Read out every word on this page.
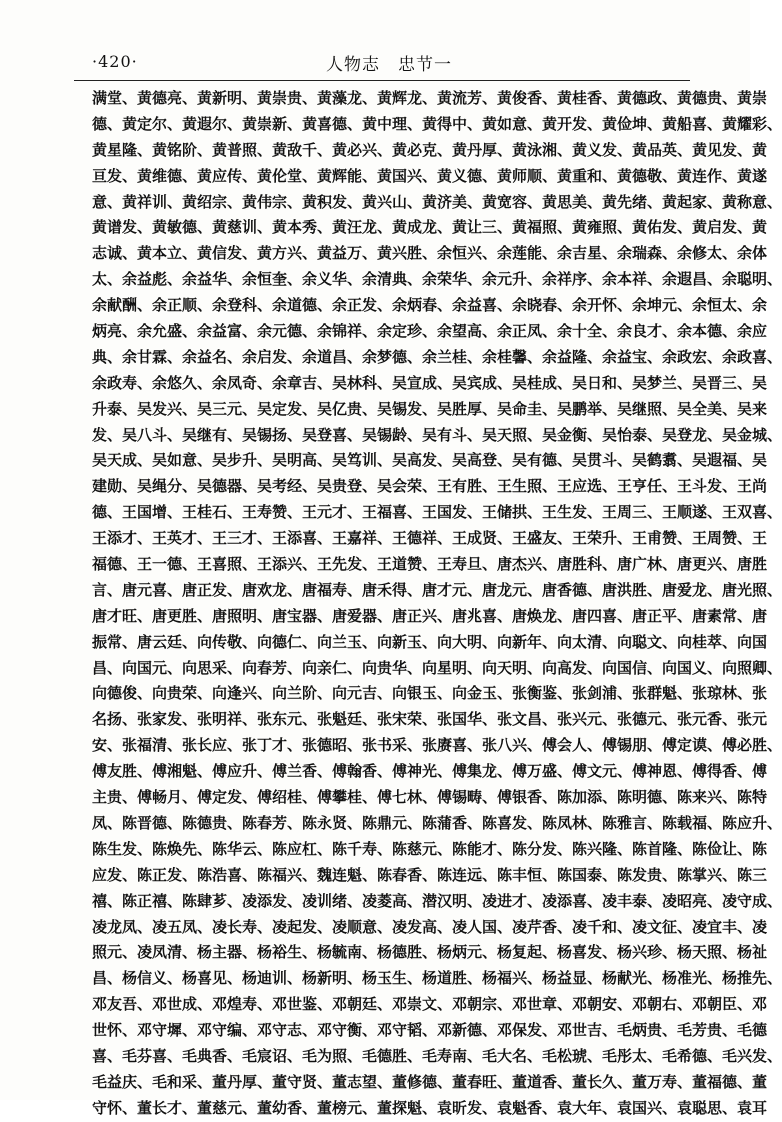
·420·	人物志　忠节一
满堂、黄德亮、黄新明、黄崇贵、黄藻龙、黄辉龙、黄流芳、黄俊香、黄桂香、黄德政、黄德贵、黄崇
德、黄定尔、黄遐尔、黄崇新、黄喜德、黄中理、黄得中、黄如意、黄开发、黄俭坤、黄船喜、黄耀彩、
黄星隆、黄铭阶、黄普照、黄敌千、黄必兴、黄必克、黄丹厚、黄泳湘、黄义发、黄品英、黄见发、黄
亘发、黄维德、黄应传、黄伦堂、黄辉能、黄国兴、黄义德、黄师顺、黄重和、黄德敬、黄连作、黄遂
意、黄祥训、黄绍宗、黄伟宗、黄积发、黄兴山、黄济美、黄宽容、黄思美、黄先绪、黄起家、黄称意、
黄谱发、黄敏德、黄慈训、黄本秀、黄汪龙、黄成龙、黄让三、黄福照、黄雍照、黄佑发、黄启发、黄
志诚、黄本立、黄信发、黄方兴、黄益万、黄兴胜、余恒兴、余莲能、余吉星、余瑞森、余修太、余体
太、余益彪、余益华、余恒奎、余义华、余清典、余荣华、余元升、余祥序、余本祥、余遐昌、余聪明、
余献酬、余正顺、余登科、余道德、余正发、余炳春、余益喜、余晓春、余开怀、余坤元、余恒太、余
炳亮、余允盛、余益富、余元德、余锦祥、余定珍、余望高、余正凤、余十全、余良才、余本德、余应
典、余甘霖、余益名、余启发、余道昌、余梦德、余兰桂、余桂馨、余益隆、余益宝、余政宏、余政喜、
余政寿、余悠久、余凤奇、余章吉、吴林科、吴宣成、吴宾成、吴桂成、吴日和、吴梦兰、吴晋三、吴
升泰、吴发兴、吴三元、吴定发、吴亿贵、吴锡发、吴胜厚、吴命圭、吴鹏举、吴继照、吴全美、吴来
发、吴八斗、吴继有、吴锡扬、吴登喜、吴锡龄、吴有斗、吴天照、吴金衡、吴怡泰、吴登龙、吴金城、
吴天成、吴如意、吴步升、吴明高、吴笃训、吴高发、吴高登、吴有德、吴贯斗、吴鹤翥、吴遐福、吴
建勋、吴绳分、吴德器、吴考经、吴贵登、吴会荣、王有胜、王生照、王应选、王亨任、王斗发、王尚
德、王国增、王桂石、王寿赞、王元才、王福喜、王国发、王储拱、王生发、王周三、王顺遂、王双喜、
王添才、王英才、王三才、王添喜、王嘉祥、王德祥、王成贤、王盛友、王荣升、王甫赞、王周赞、王
福德、王一德、王喜照、王添兴、王先发、王道赞、王寿旦、唐杰兴、唐胜科、唐广林、唐更兴、唐胜
言、唐元喜、唐正发、唐欢龙、唐福寿、唐禾得、唐才元、唐龙元、唐香德、唐洪胜、唐爱龙、唐光照、
唐才旺、唐更胜、唐照明、唐宝器、唐爱器、唐正兴、唐兆喜、唐焕龙、唐四喜、唐正平、唐素常、唐
振常、唐云廷、向传敬、向德仁、向兰玉、向新玉、向大明、向新年、向太清、向聪文、向桂萃、向国
昌、向国元、向思采、向春芳、向亲仁、向贵华、向星明、向天明、向高发、向国信、向国义、向照卿、
向德俊、向贵荣、向逢兴、向兰阶、向元吉、向银玉、向金玉、张衡鉴、张剑浦、张群魁、张琼林、张
名扬、张家发、张明祥、张东元、张魁廷、张宋荣、张国华、张文昌、张兴元、张德元、张元香、张元
安、张福清、张长应、张丁才、张德昭、张书采、张赓喜、张八兴、傅会人、傅锡朋、傅定谟、傅必胜、
傅友胜、傅湘魁、傅应升、傅兰香、傅翰香、傅神光、傅集龙、傅万盛、傅文元、傅神恩、傅得香、傅
主贵、傅畅月、傅定发、傅绍桂、傅攀桂、傅七林、傅锡畴、傅银香、陈加添、陈明德、陈来兴、陈特
凤、陈晋德、陈德贵、陈春芳、陈永贤、陈鼎元、陈蒲香、陈喜发、陈凤林、陈雅言、陈载福、陈应升、
陈生发、陈焕先、陈华云、陈应杠、陈千寿、陈慈元、陈能才、陈分发、陈兴隆、陈首隆、陈俭让、陈
应发、陈正发、陈浩喜、陈福兴、魏连魁、陈春香、陈连远、陈丰恒、陈国泰、陈发贵、陈掌兴、陈三
禧、陈正禧、陈肆芗、凌添发、凌训绪、凌菱高、潜汉明、凌进才、凌添喜、凌丰泰、凌昭亮、凌守成、
凌龙凤、凌五凤、凌长寿、凌起发、凌顺意、凌发高、凌人国、凌芹香、凌千和、凌文征、凌宜丰、凌
照元、凌凤清、杨主器、杨裕生、杨毓南、杨德胜、杨炳元、杨复起、杨喜发、杨兴珍、杨天照、杨祉
昌、杨信义、杨喜见、杨迪训、杨新明、杨玉生、杨道胜、杨福兴、杨益显、杨献光、杨准光、杨推先、
邓友吾、邓世成、邓煌寿、邓世鉴、邓朝廷、邓崇文、邓朝宗、邓世章、邓朝安、邓朝右、邓朝臣、邓
世怀、邓守墀、邓守编、邓守志、邓守衡、邓守韬、邓新德、邓保发、邓世吉、毛炳贵、毛芳贵、毛德
喜、毛芬喜、毛典香、毛宸诏、毛为照、毛德胜、毛寿南、毛大名、毛松琥、毛彤太、毛希德、毛兴发、
毛益庆、毛和采、董丹厚、董守贤、董志望、董修德、董春旺、董道香、董长久、董万寿、董福德、董
守怀、董长才、董慈元、董幼香、董榜元、董探魁、袁昕发、袁魁香、袁大年、袁国兴、袁聪思、袁耳
